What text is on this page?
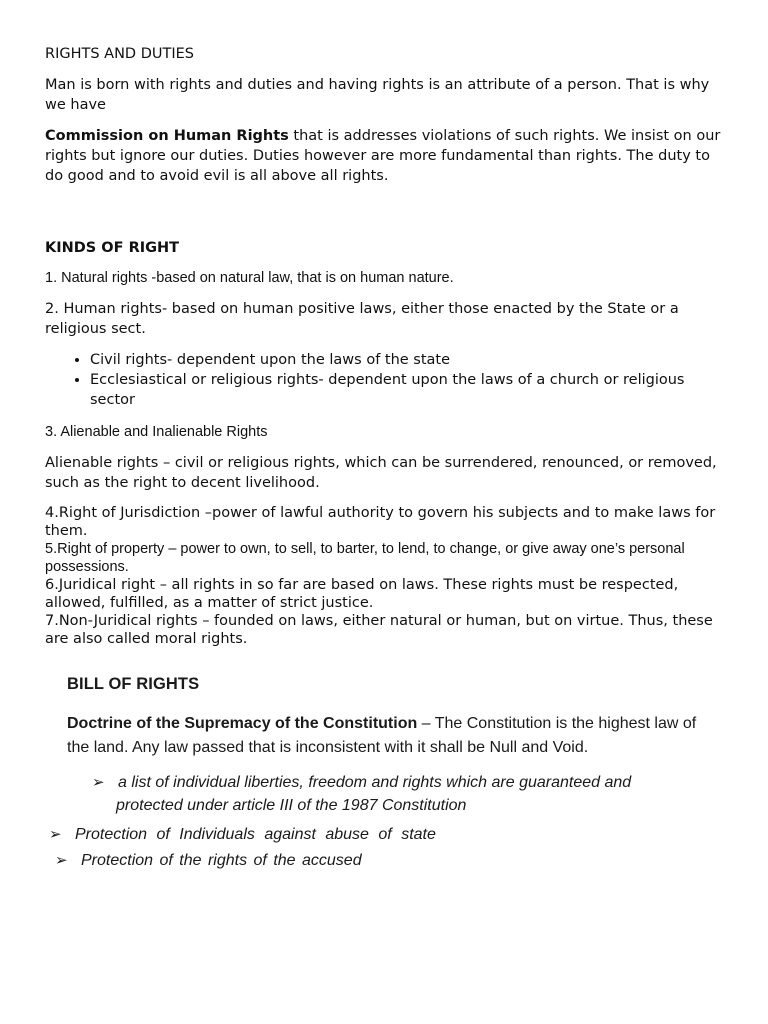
RIGHTS AND DUTIES

Man is born with rights and duties and having rights is an attribute of a person. That is why we have

Commission on Human Rights that is addresses violations of such rights. We insist on our rights but ignore our duties. Duties however are more fundamental than rights. The duty to do good and to avoid evil is all above all rights.

KINDS OF RIGHT

1. Natural rights -based on natural law, that is on human nature.

2. Human rights- based on human positive laws, either those enacted by the State or a religious sect.

• Civil rights- dependent upon the laws of the state
• Ecclesiastical or religious rights- dependent upon the laws of a church or religious sector

3. Alienable and Inalienable Rights

Alienable rights – civil or religious rights, which can be surrendered, renounced, or removed, such as the right to decent livelihood.

4.Right of Jurisdiction –power of lawful authority to govern his subjects and to make laws for them.

5.Right of property – power to own, to sell, to barter, to lend, to change, or give away one’s personal possessions.

6.Juridical right – all rights in so far are based on laws. These rights must be respected, allowed, fulfilled, as a matter of strict justice.

7.Non-Juridical rights – founded on laws, either natural or human, but on virtue. Thus, these are also called moral rights.

BILL OF RIGHTS
Doctrine of the Supremacy of the Constitution – The Constitution is the highest law of the land. Any law passed that is inconsistent with it shall be Null and Void.
➢ a list of individual liberties, freedom and rights which are guaranteed and
protected under article III of the 1987 Constitution
➢ Protection of Individuals against abuse of state
➢ Protection of the rights of the accused
